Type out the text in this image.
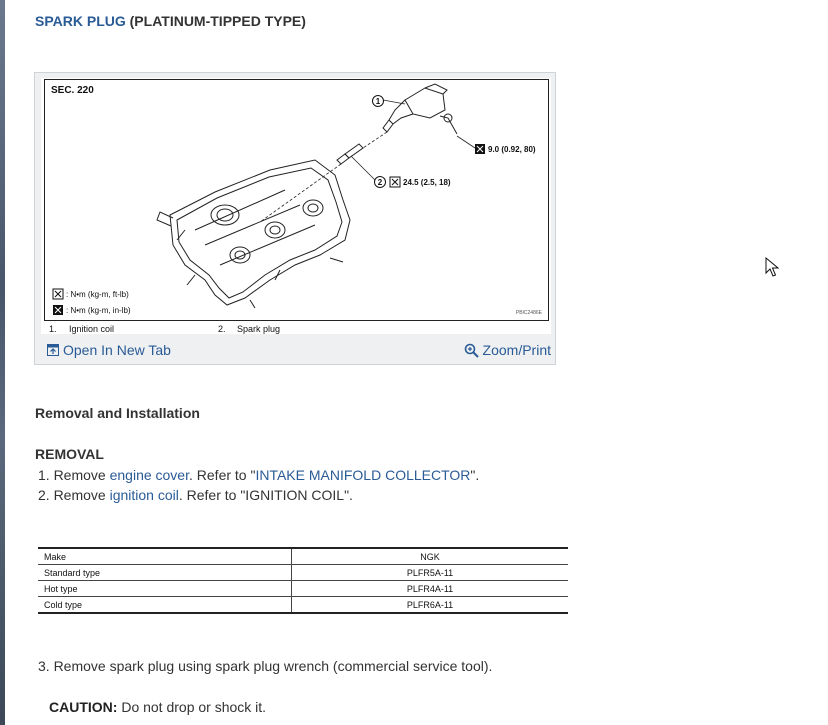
SPARK PLUG (PLATINUM-TIPPED TYPE)
SEC. 220
1
2
9.0 (0.92, 80)
24.5 (2.5, 18)
: N•m (kg-m, ft-lb)
: N•m (kg-m, in-lb)	PBIC2486E
1. Ignition coil	2. Spark plug
Open In New Tab	Zoom/Print
Removal and Installation
REMOVAL
1. Remove engine cover. Refer to "INTAKE MANIFOLD COLLECTOR".
2. Remove ignition coil. Refer to "IGNITION COIL".
Make	NGK
Standard type	PLFR5A-11
Hot type	PLFR4A-11
Cold type	PLFR6A-11
3. Remove spark plug using spark plug wrench (commercial service tool).
CAUTION: Do not drop or shock it.
